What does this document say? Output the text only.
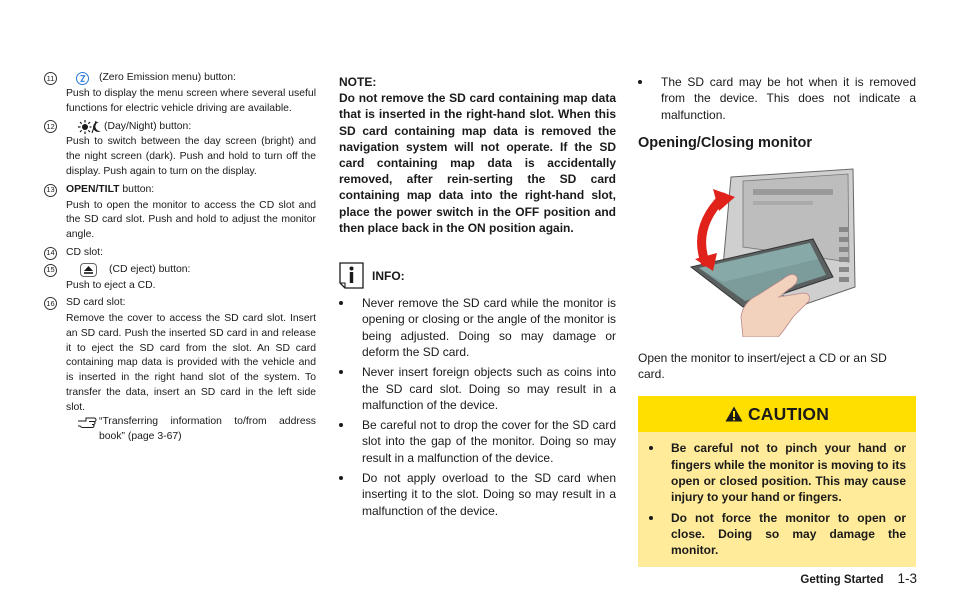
11	(Zero Emission menu) button:
Push to display the menu screen where several useful functions for electric vehicle driving are available.
12	(Day/Night) button:
Push to switch between the day screen (bright) and the night screen (dark). Push and hold to turn off the display. Push again to turn on the display.
13 OPEN/TILT button:
Push to open the monitor to access the CD slot and the SD card slot. Push and hold to adjust the monitor angle.
14 CD slot:
15	(CD eject) button:
Push to eject a CD.
16 SD card slot:
Remove the cover to access the SD card slot. Insert an SD card. Push the inserted SD card in and release it to eject the SD card from the slot. An SD card containing map data is provided with the vehicle and is inserted in the right hand slot of the system. To transfer the data, insert an SD card in the left side slot.
“Transferring information to/from address book” (page 3-67)
NOTE:
Do not remove the SD card containing map data that is inserted in the right-hand slot. When this SD card containing map data is removed the navigation system will not operate. If the SD card containing map data is accidentally removed, after rein-serting the SD card containing map data into the right-hand slot, place the power switch in the OFF position and then place back in the ON position again.
INFO:
Never remove the SD card while the monitor is opening or closing or the angle of the monitor is being adjusted. Doing so may damage or deform the SD card.
Never insert foreign objects such as coins into the SD card slot. Doing so may result in a malfunction of the device.
Be careful not to drop the cover for the SD card slot into the gap of the monitor. Doing so may result in a malfunction of the device.
Do not apply overload to the SD card when inserting it to the slot. Doing so may result in a malfunction of the device.
The SD card may be hot when it is removed from the device. This does not indicate a malfunction.
Opening/Closing monitor
Open the monitor to insert/eject a CD or an SD card.
CAUTION
Be careful not to pinch your hand or fingers while the monitor is moving to its open or closed position. This may cause injury to your hand or fingers.
Do not force the monitor to open or close. Doing so may damage the monitor.
Getting Started 1-3
